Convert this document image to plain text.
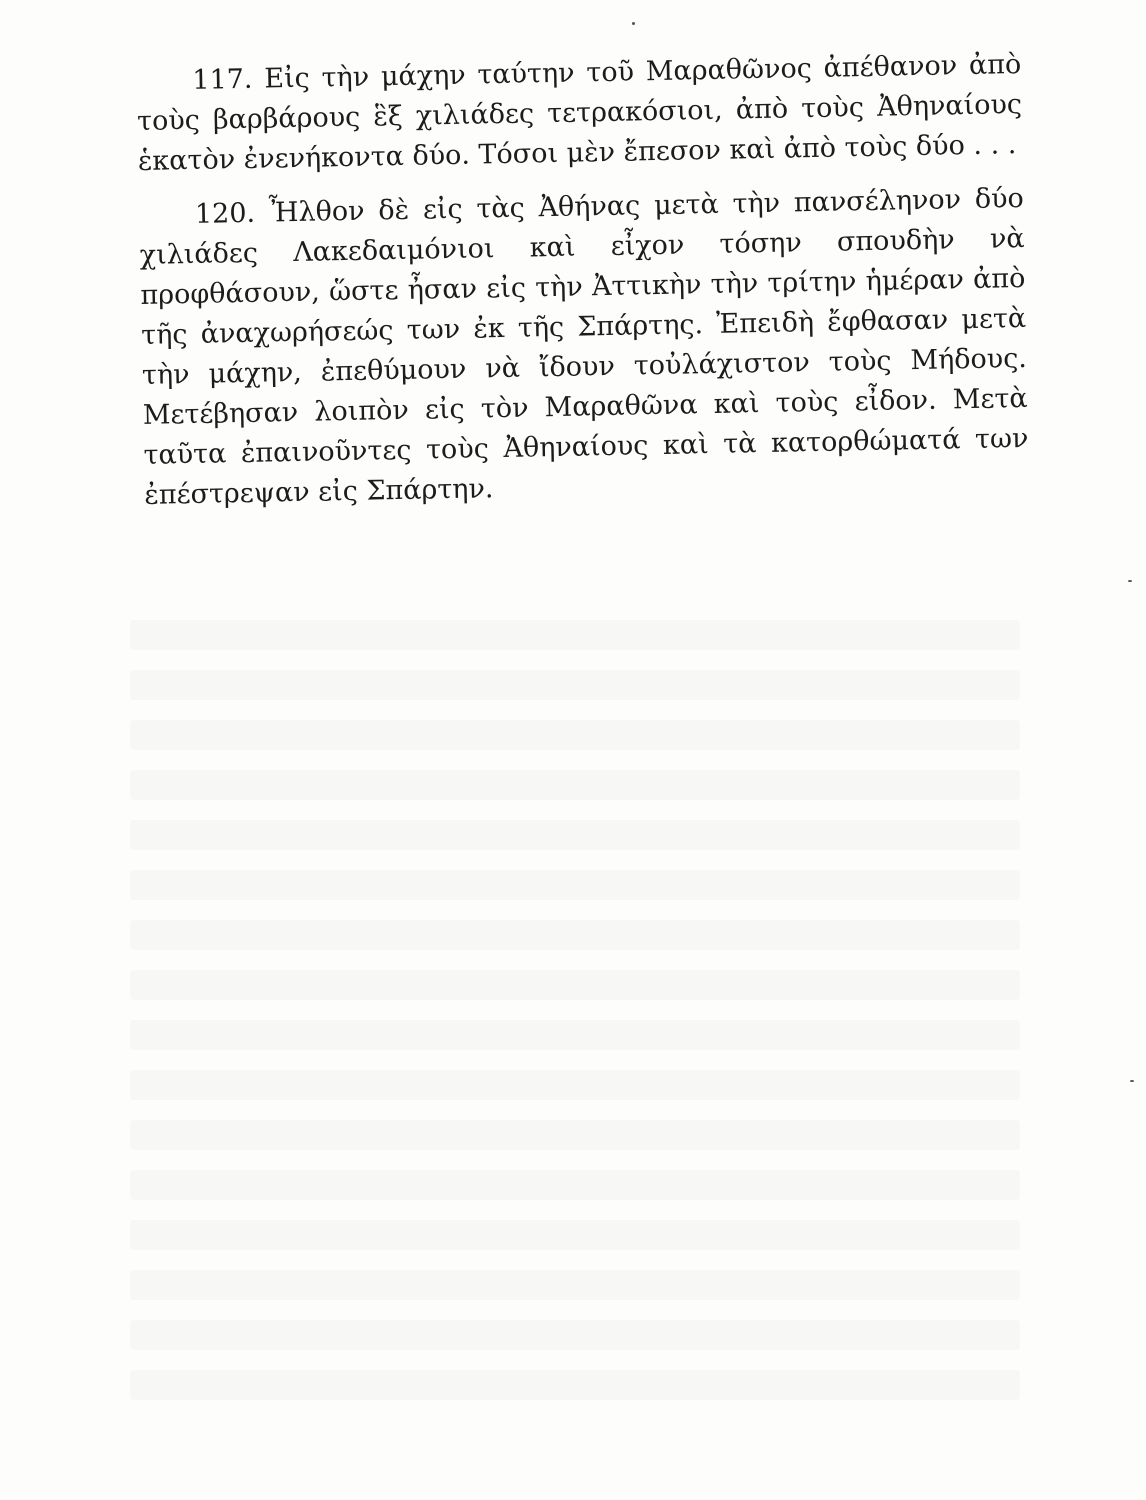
117. Εἰς τὴν μάχην ταύτην τοῦ Μαραθῶνος ἀπέθανον ἀπὸ τοὺς βαρβάρους ἓξ χιλιάδες τετρακόσιοι, ἀπὸ τοὺς Ἀθηναίους ἑκατὸν ἐνενήκοντα δύο. Τόσοι μὲν ἔπεσον καὶ ἀπὸ τοὺς δύο . . .

120. Ἦλθον δὲ εἰς τὰς Ἀθήνας μετὰ τὴν πανσέληνον δύο χιλιάδες Λακεδαιμόνιοι καὶ εἶχον τόσην σπουδὴν νὰ προφθάσουν, ὥστε ἦσαν εἰς τὴν Ἀττικὴν τὴν τρίτην ἡμέραν ἀπὸ τῆς ἀναχωρήσεώς των ἐκ τῆς Σπάρτης. Ἐπειδὴ ἔφθασαν μετὰ τὴν μάχην, ἐπεθύμουν νὰ ἴδουν τοὐλάχιστον τοὺς Μήδους. Μετέβησαν λοιπὸν εἰς τὸν Μαραθῶνα καὶ τοὺς εἶδον. Μετὰ ταῦτα ἐπαινοῦντες τοὺς Ἀθηναίους καὶ τὰ κατορθώματά των ἐπέστρεψαν εἰς Σπάρτην.
